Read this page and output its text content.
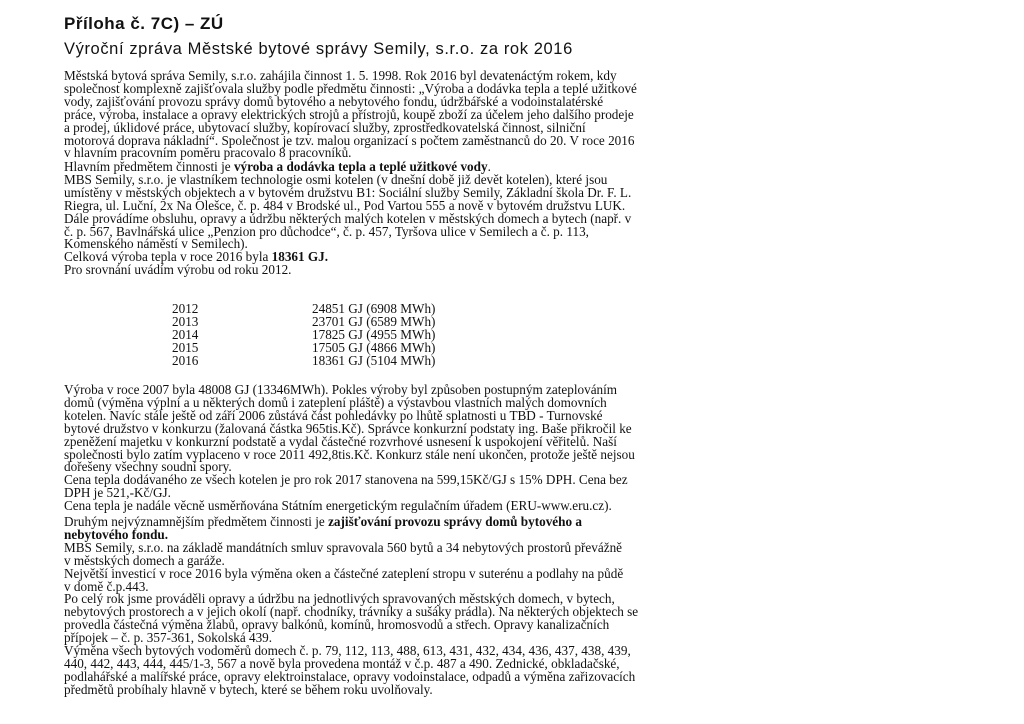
Příloha č. 7C) – ZÚ
Výroční zpráva Městské bytové správy Semily, s.r.o. za rok 2016
Městská bytová správa Semily, s.r.o. zahájila činnost 1. 5. 1998. Rok 2016 byl devatenáctým rokem, kdy
společnost komplexně zajišťovala služby podle předmětu činnosti: „Výroba a dodávka tepla a teplé užitkové
vody, zajišťování provozu správy domů bytového a nebytového fondu, údržbářské a vodoinstalatérské
práce, výroba, instalace a opravy elektrických strojů a přístrojů, koupě zboží za účelem jeho dalšího prodeje
a prodej, úklidové práce, ubytovací služby, kopírovací služby, zprostředkovatelská činnost, silniční
motorová doprava nákladní“. Společnost je tzv. malou organizací s počtem zaměstnanců do 20. V roce 2016
v hlavním pracovním poměru pracovalo 8 pracovníků.
Hlavním předmětem činnosti je výroba a dodávka tepla a teplé užitkové vody.
MBS Semily, s.r.o. je vlastníkem technologie osmi kotelen (v dnešní době již devět kotelen), které jsou
umístěny v městských objektech a v bytovém družstvu B1: Sociální služby Semily, Základní škola Dr. F. L.
Riegra, ul. Luční, 2x Na Olešce, č. p. 484 v Brodské ul., Pod Vartou 555 a nově v bytovém družstvu LUK.
Dále provádíme obsluhu, opravy a údržbu některých malých kotelen v městských domech a bytech (např. v
č. p. 567, Bavlnářská ulice „Penzion pro důchodce“, č. p. 457, Tyršova ulice v Semilech a č. p. 113,
Komenského náměstí v Semilech).
Celková výroba tepla v roce 2016 byla 18361 GJ.
Pro srovnání uvádím výrobu od roku 2012.
2012	24851 GJ (6908 MWh)
2013	23701 GJ (6589 MWh)
2014	17825 GJ (4955 MWh)
2015	17505 GJ (4866 MWh)
2016	18361 GJ (5104 MWh)
Výroba v roce 2007 byla 48008 GJ (13346MWh). Pokles výroby byl způsoben postupným zateplováním
domů (výměna výplní a u některých domů i zateplení pláště) a výstavbou vlastních malých domovních
kotelen. Navíc stále ještě od září 2006 zůstává část pohledávky po lhůtě splatnosti u TBD - Turnovské
bytové družstvo v konkurzu (žalovaná částka 965tis.Kč). Správce konkurzní podstaty ing. Baše přikročil ke
zpeněžení majetku v konkurzní podstatě a vydal částečné rozvrhové usnesení k uspokojení věřitelů. Naší
společnosti bylo zatím vyplaceno v roce 2011 492,8tis.Kč. Konkurz stále není ukončen, protože ještě nejsou
dořešeny všechny soudní spory.
Cena tepla dodávaného ze všech kotelen je pro rok 2017 stanovena na 599,15Kč/GJ s 15% DPH. Cena bez
DPH je 521,-Kč/GJ.
Cena tepla je nadále věcně usměrňována Státním energetickým regulačním úřadem (ERU-www.eru.cz).
Druhým nejvýznamnějším předmětem činnosti je zajišťování provozu správy domů bytového a
nebytového fondu.
MBS Semily, s.r.o. na základě mandátních smluv spravovala 560 bytů a 34 nebytových prostorů převážně
v městských domech a garáže.
Největší investicí v roce 2016 byla výměna oken a částečné zateplení stropu v suterénu a podlahy na půdě
v domě č.p.443.
Po celý rok jsme prováděli opravy a údržbu na jednotlivých spravovaných městských domech, v bytech,
nebytových prostorech a v jejich okolí (např. chodníky, trávníky a sušáky prádla). Na některých objektech se
provedla částečná výměna žlabů, opravy balkónů, komínů, hromosvodů a střech. Opravy kanalizačních
přípojek – č. p. 357-361, Sokolská 439.
Výměna všech bytových vodoměrů domech č. p. 79, 112, 113, 488, 613, 431, 432, 434, 436, 437, 438, 439,
440, 442, 443, 444, 445/1-3, 567 a nově byla provedena montáž v č.p. 487 a 490. Zednické, obkladačské,
podlahářské a malířské práce, opravy elektroinstalace, opravy vodoinstalace, odpadů a výměna zařizovacích
předmětů probíhaly hlavně v bytech, které se během roku uvolňovaly.
